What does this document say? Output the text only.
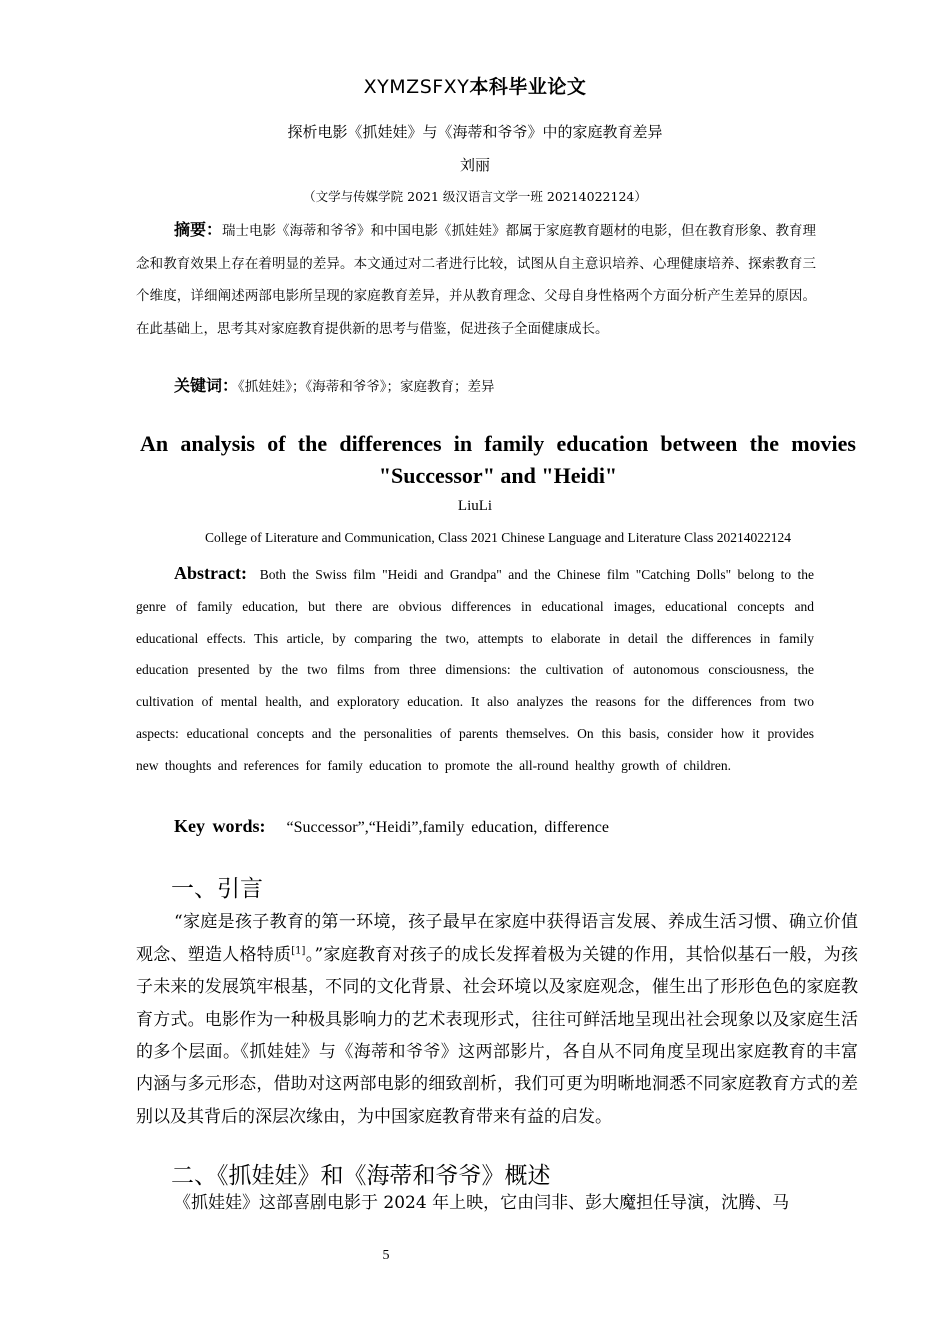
XYMZSFXY本科毕业论文
探析电影《抓娃娃》与《海蒂和爷爷》中的家庭教育差异
刘丽
（文学与传媒学院 2021 级汉语言文学一班 20214022124）
摘要：瑞士电影《海蒂和爷爷》和中国电影《抓娃娃》都属于家庭教育题材的电影，但在教育形象、教育理念和教育效果上存在着明显的差异。本文通过对二者进行比较，试图从自主意识培养、心理健康培养、探索教育三个维度，详细阐述两部电影所呈现的家庭教育差异，并从教育理念、父母自身性格两个方面分析产生差异的原因。在此基础上，思考其对家庭教育提供新的思考与借鉴，促进孩子全面健康成长。
关键词：《抓娃娃》；《海蒂和爷爷》；家庭教育；差异
An analysis of the differences in family education between the movies "Successor" and "Heidi"
LiuLi
College of Literature and Communication, Class 2021 Chinese Language and Literature Class 20214022124
Abstract: Both the Swiss film "Heidi and Grandpa" and the Chinese film "Catching Dolls" belong to the genre of family education, but there are obvious differences in educational images, educational concepts and educational effects. This article, by comparing the two, attempts to elaborate in detail the differences in family education presented by the two films from three dimensions: the cultivation of autonomous consciousness, the cultivation of mental health, and exploratory education. It also analyzes the reasons for the differences from two aspects: educational concepts and the personalities of parents themselves. On this basis, consider how it provides new thoughts and references for family education to promote the all-round healthy growth of children.
Key words: “Successor”,“Heidi”,family education, difference
一、引言
“家庭是孩子教育的第一环境，孩子最早在家庭中获得语言发展、养成生活习惯、确立价值观念、塑造人格特质[1]。”家庭教育对孩子的成长发挥着极为关键的作用，其恰似基石一般，为孩子未来的发展筑牢根基，不同的文化背景、社会环境以及家庭观念，催生出了形形色色的家庭教育方式。电影作为一种极具影响力的艺术表现形式，往往可鲜活地呈现出社会现象以及家庭生活的多个层面。《抓娃娃》与《海蒂和爷爷》这两部影片，各自从不同角度呈现出家庭教育的丰富内涵与多元形态，借助对这两部电影的细致剖析，我们可更为明晰地洞悉不同家庭教育方式的差别以及其背后的深层次缘由，为中国家庭教育带来有益的启发。
二、《抓娃娃》和《海蒂和爷爷》概述
《抓娃娃》这部喜剧电影于 2024 年上映，它由闫非、彭大魔担任导演，沈腾、马
5
